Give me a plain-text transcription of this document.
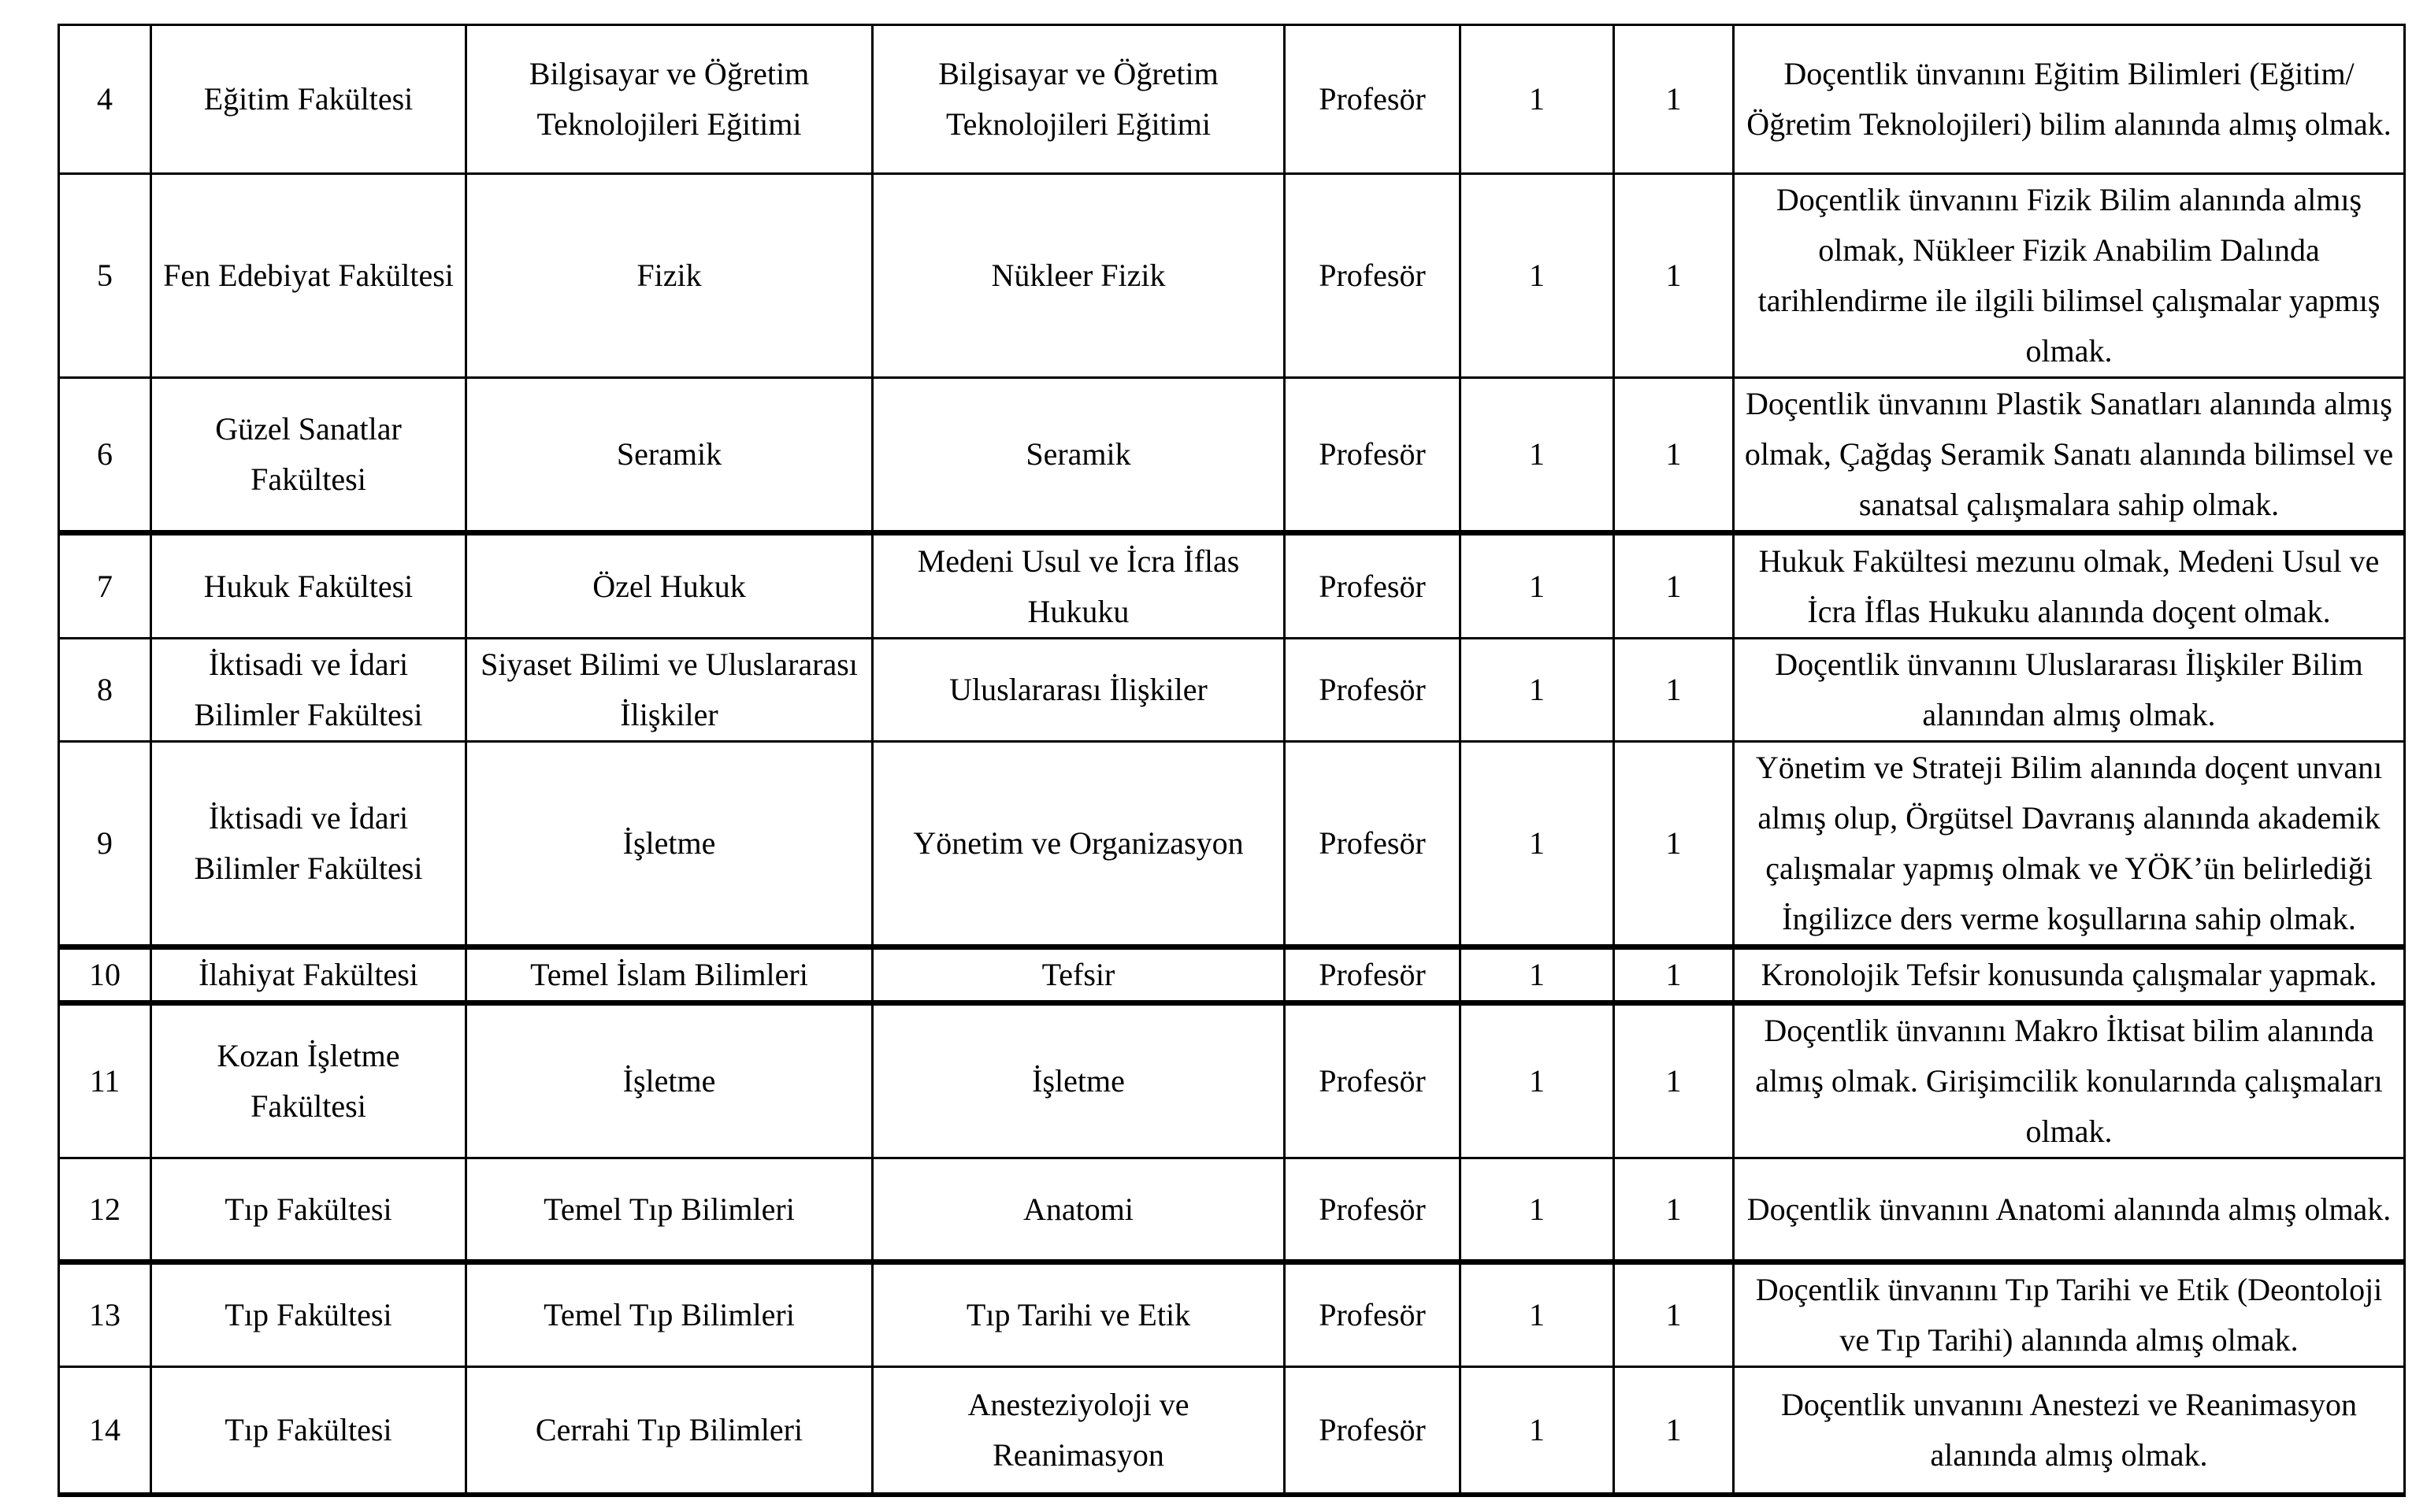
4	Eğitim Fakültesi	Bilgisayar ve Öğretim Teknolojileri Eğitimi	Bilgisayar ve Öğretim Teknolojileri Eğitimi	Profesör	1	1	Doçentlik ünvanını Eğitim Bilimleri (Eğitim/Öğretim Teknolojileri) bilim alanında almış olmak.
5	Fen Edebiyat Fakültesi	Fizik	Nükleer Fizik	Profesör	1	1	Doçentlik ünvanını Fizik Bilim alanında almış olmak, Nükleer Fizik Anabilim Dalında tarihlendirme ile ilgili bilimsel çalışmalar yapmış olmak.
6	Güzel Sanatlar Fakültesi	Seramik	Seramik	Profesör	1	1	Doçentlik ünvanını Plastik Sanatları alanında almış olmak, Çağdaş Seramik Sanatı alanında bilimsel ve sanatsal çalışmalara sahip olmak.
7	Hukuk Fakültesi	Özel Hukuk	Medeni Usul ve İcra İflas Hukuku	Profesör	1	1	Hukuk Fakültesi mezunu olmak, Medeni Usul ve İcra İflas Hukuku alanında doçent olmak.
8	İktisadi ve İdari Bilimler Fakültesi	Siyaset Bilimi ve Uluslararası İlişkiler	Uluslararası İlişkiler	Profesör	1	1	Doçentlik ünvanını Uluslararası İlişkiler Bilim alanından almış olmak.
9	İktisadi ve İdari Bilimler Fakültesi	İşletme	Yönetim ve Organizasyon	Profesör	1	1	Yönetim ve Strateji Bilim alanında doçent unvanı almış olup, Örgütsel Davranış alanında akademik çalışmalar yapmış olmak ve YÖK’ün belirlediği İngilizce ders verme koşullarına sahip olmak.
10	İlahiyat Fakültesi	Temel İslam Bilimleri	Tefsir	Profesör	1	1	Kronolojik Tefsir konusunda çalışmalar yapmak.
11	Kozan İşletme Fakültesi	İşletme	İşletme	Profesör	1	1	Doçentlik ünvanını Makro İktisat bilim alanında almış olmak. Girişimcilik konularında çalışmaları olmak.
12	Tıp Fakültesi	Temel Tıp Bilimleri	Anatomi	Profesör	1	1	Doçentlik ünvanını Anatomi alanında almış olmak.
13	Tıp Fakültesi	Temel Tıp Bilimleri	Tıp Tarihi ve Etik	Profesör	1	1	Doçentlik ünvanını Tıp Tarihi ve Etik (Deontoloji ve Tıp Tarihi) alanında almış olmak.
14	Tıp Fakültesi	Cerrahi Tıp Bilimleri	Anesteziyoloji ve Reanimasyon	Profesör	1	1	Doçentlik unvanını Anestezi ve Reanimasyon alanında almış olmak.
